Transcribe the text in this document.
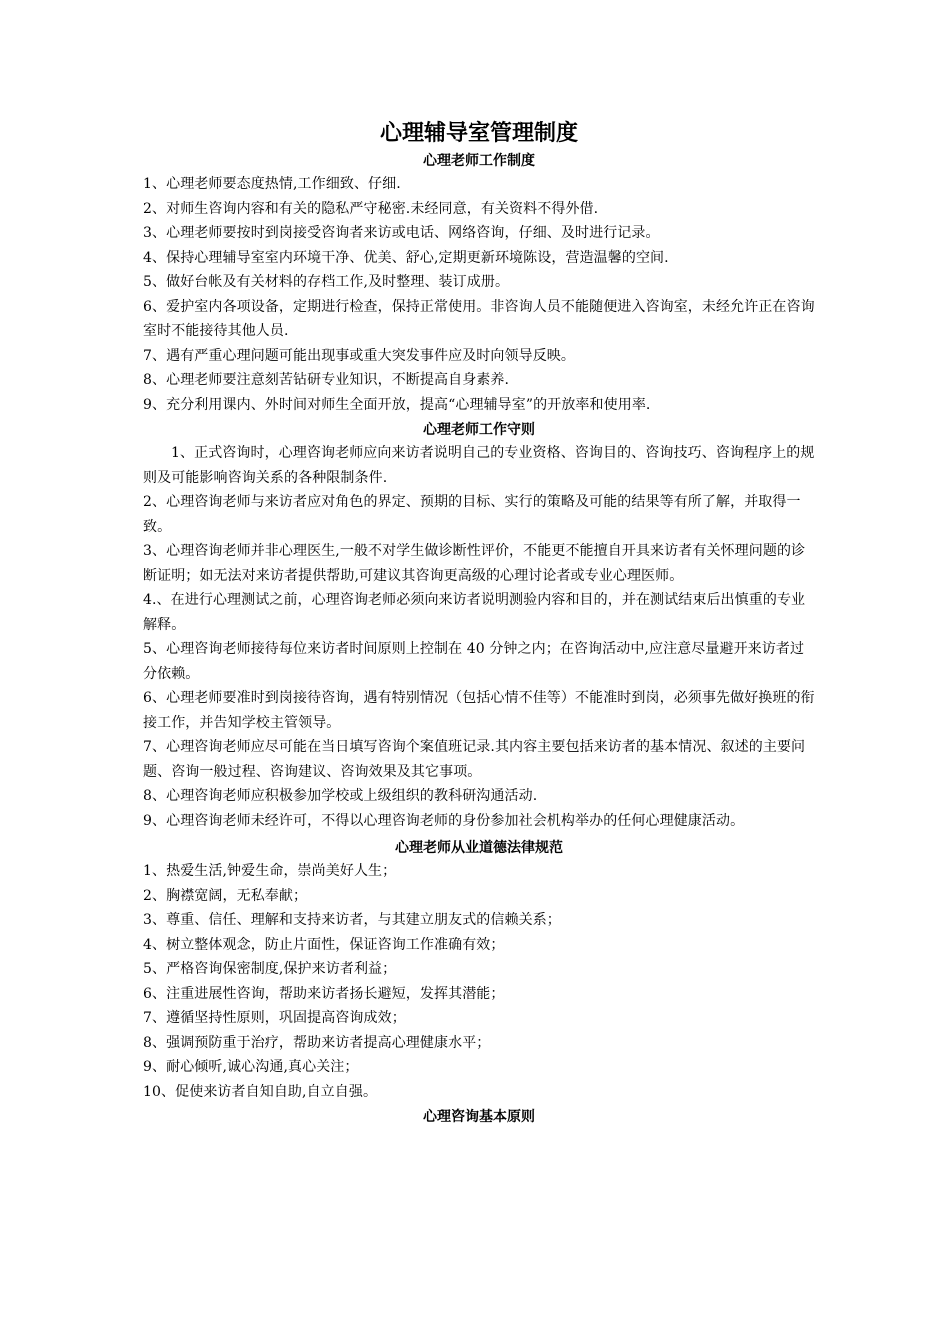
心理辅导室管理制度
心理老师工作制度
1、心理老师要态度热情,工作细致、仔细.
2、对师生咨询内容和有关的隐私严守秘密.未经同意，有关资料不得外借.
3、心理老师要按时到岗接受咨询者来访或电话、网络咨询，仔细、及时进行记录。
4、保持心理辅导室室内环境干净、优美、舒心,定期更新环境陈设，营造温馨的空间.
5、做好台帐及有关材料的存档工作,及时整理、装订成册。
6、爱护室内各项设备，定期进行检查，保持正常使用。非咨询人员不能随便进入咨询室，未经允许正在咨询室时不能接待其他人员.
7、遇有严重心理问题可能出现事或重大突发事件应及时向领导反映。
8、心理老师要注意刻苦钻研专业知识，不断提高自身素养.
9、充分利用课内、外时间对师生全面开放，提高“心理辅导室”的开放率和使用率.
心理老师工作守则
1、正式咨询时，心理咨询老师应向来访者说明自己的专业资格、咨询目的、咨询技巧、咨询程序上的规则及可能影响咨询关系的各种限制条件.
2、心理咨询老师与来访者应对角色的界定、预期的目标、实行的策略及可能的结果等有所了解，并取得一致。
3、心理咨询老师并非心理医生,一般不对学生做诊断性评价，不能更不能擅自开具来访者有关怀理问题的诊断证明；如无法对来访者提供帮助,可建议其咨询更高级的心理讨论者或专业心理医师。
4.、在进行心理测试之前，心理咨询老师必须向来访者说明测验内容和目的，并在测试结束后出慎重的专业解释。
5、心理咨询老师接待每位来访者时间原则上控制在 40 分钟之内；在咨询活动中,应注意尽量避开来访者过分依赖。
6、心理老师要准时到岗接待咨询，遇有特别情况（包括心情不佳等）不能准时到岗，必须事先做好换班的衔接工作，并告知学校主管领导。
7、心理咨询老师应尽可能在当日填写咨询个案值班记录.其内容主要包括来访者的基本情况、叙述的主要问题、咨询一般过程、咨询建议、咨询效果及其它事项。
8、心理咨询老师应积极参加学校或上级组织的教科研沟通活动.
9、心理咨询老师未经许可，不得以心理咨询老师的身份参加社会机构举办的任何心理健康活动。
心理老师从业道德法律规范
1、热爱生活,钟爱生命，崇尚美好人生；
2、胸襟宽阔，无私奉献；
3、尊重、信任、理解和支持来访者，与其建立朋友式的信赖关系；
4、树立整体观念，防止片面性，保证咨询工作准确有效；
5、严格咨询保密制度,保护来访者利益；
6、注重进展性咨询，帮助来访者扬长避短，发挥其潜能；
7、遵循坚持性原则，巩固提高咨询成效；
8、强调预防重于治疗，帮助来访者提高心理健康水平；
9、耐心倾听,诚心沟通,真心关注；
10、促使来访者自知自助,自立自强。
心理咨询基本原则
